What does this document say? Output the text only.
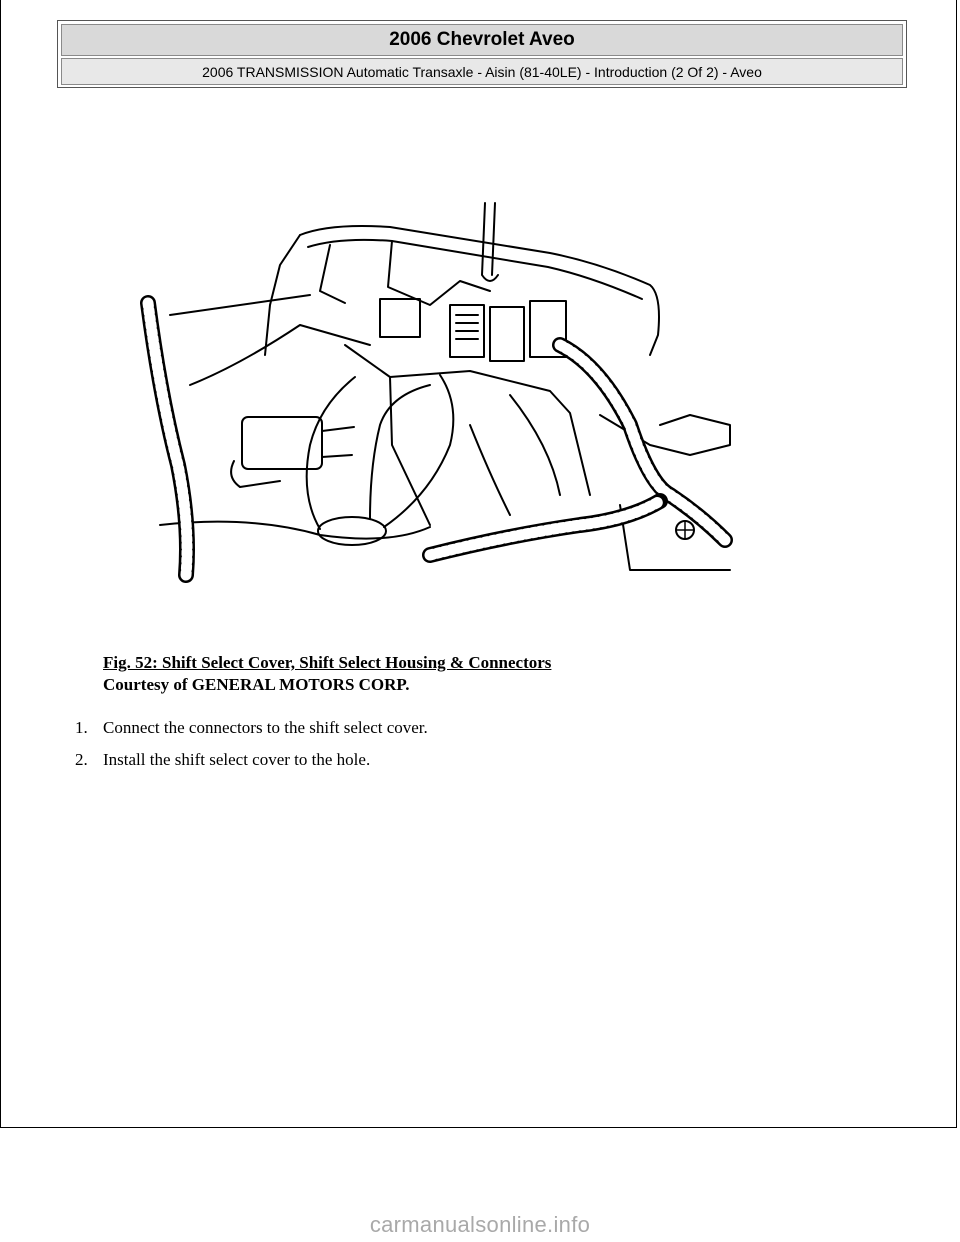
2006 Chevrolet Aveo
2006 TRANSMISSION Automatic Transaxle - Aisin (81-40LE) - Introduction (2 Of 2) - Aveo
Fig. 52: Shift Select Cover, Shift Select Housing & Connectors
Courtesy of GENERAL MOTORS CORP.
1. Connect the connectors to the shift select cover.
2. Install the shift select cover to the hole.
carmanualsonline.info
